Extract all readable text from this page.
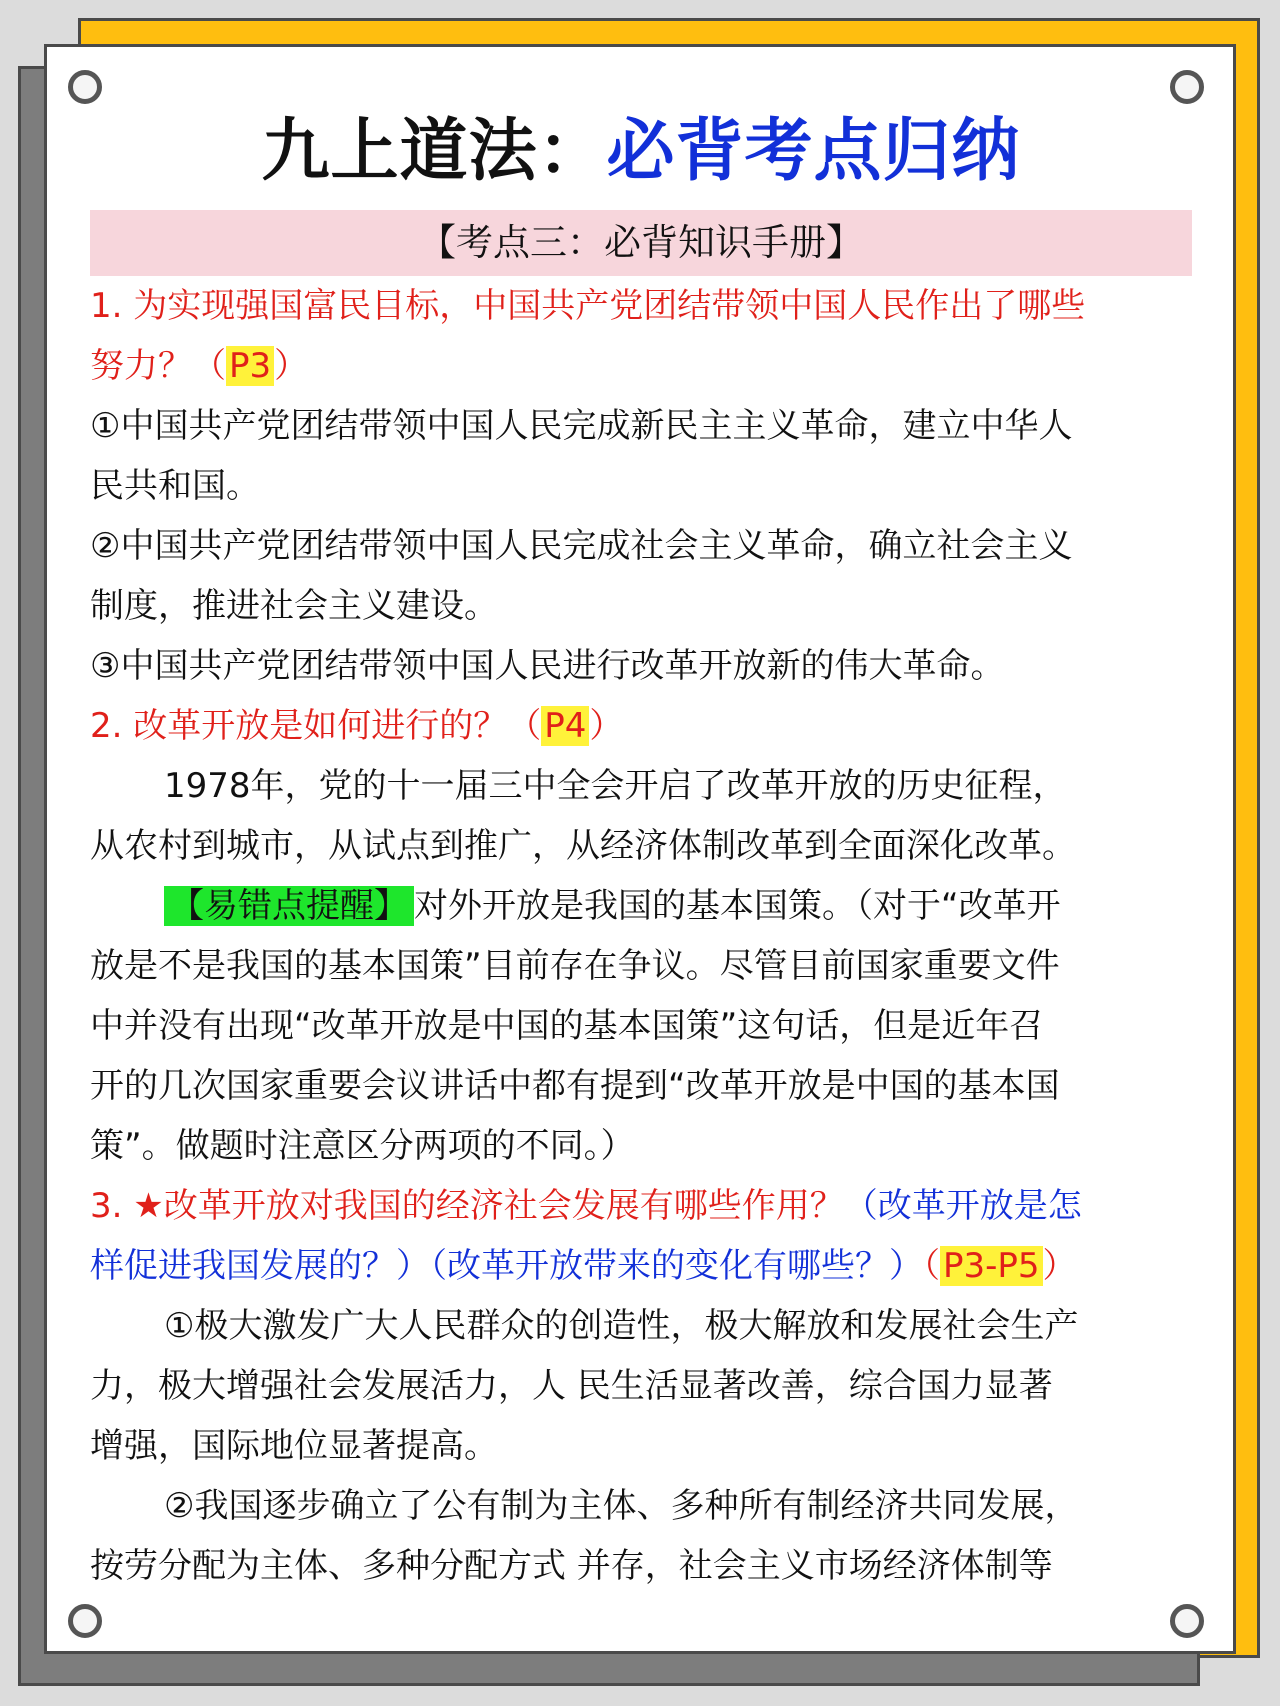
九上道法：必背考点归纳
【考点三：必背知识手册】
1. 为实现强国富民目标，中国共产党团结带领中国人民作出了哪些
努力？（P3）
①中国共产党团结带领中国人民完成新民主主义革命，建立中华人
民共和国。
②中国共产党团结带领中国人民完成社会主义革命，确立社会主义
制度，推进社会主义建设。
③中国共产党团结带领中国人民进行改革开放新的伟大革命。
2. 改革开放是如何进行的？（P4）
1978年，党的十一届三中全会开启了改革开放的历史征程，
从农村到城市，从试点到推广，从经济体制改革到全面深化改革。
【易错点提醒】 对外开放是我国的基本国策。（对于“改革开
放是不是我国的基本国策”目前存在争议。尽管目前国家重要文件
中并没有出现“改革开放是中国的基本国策”这句话，但是近年召
开的几次国家重要会议讲话中都有提到“改革开放是中国的基本国
策”。做题时注意区分两项的不同。）
3. ★改革开放对我国的经济社会发展有哪些作用？（改革开放是怎
样促进我国发展的？）（改革开放带来的变化有哪些？）（P3-P5）
①极大激发广大人民群众的创造性，极大解放和发展社会生产
力，极大增强社会发展活力，人 民生活显著改善，综合国力显著
增强，国际地位显著提高。
②我国逐步确立了公有制为主体、多种所有制经济共同发展，
按劳分配为主体、多种分配方式 并存，社会主义市场经济体制等
